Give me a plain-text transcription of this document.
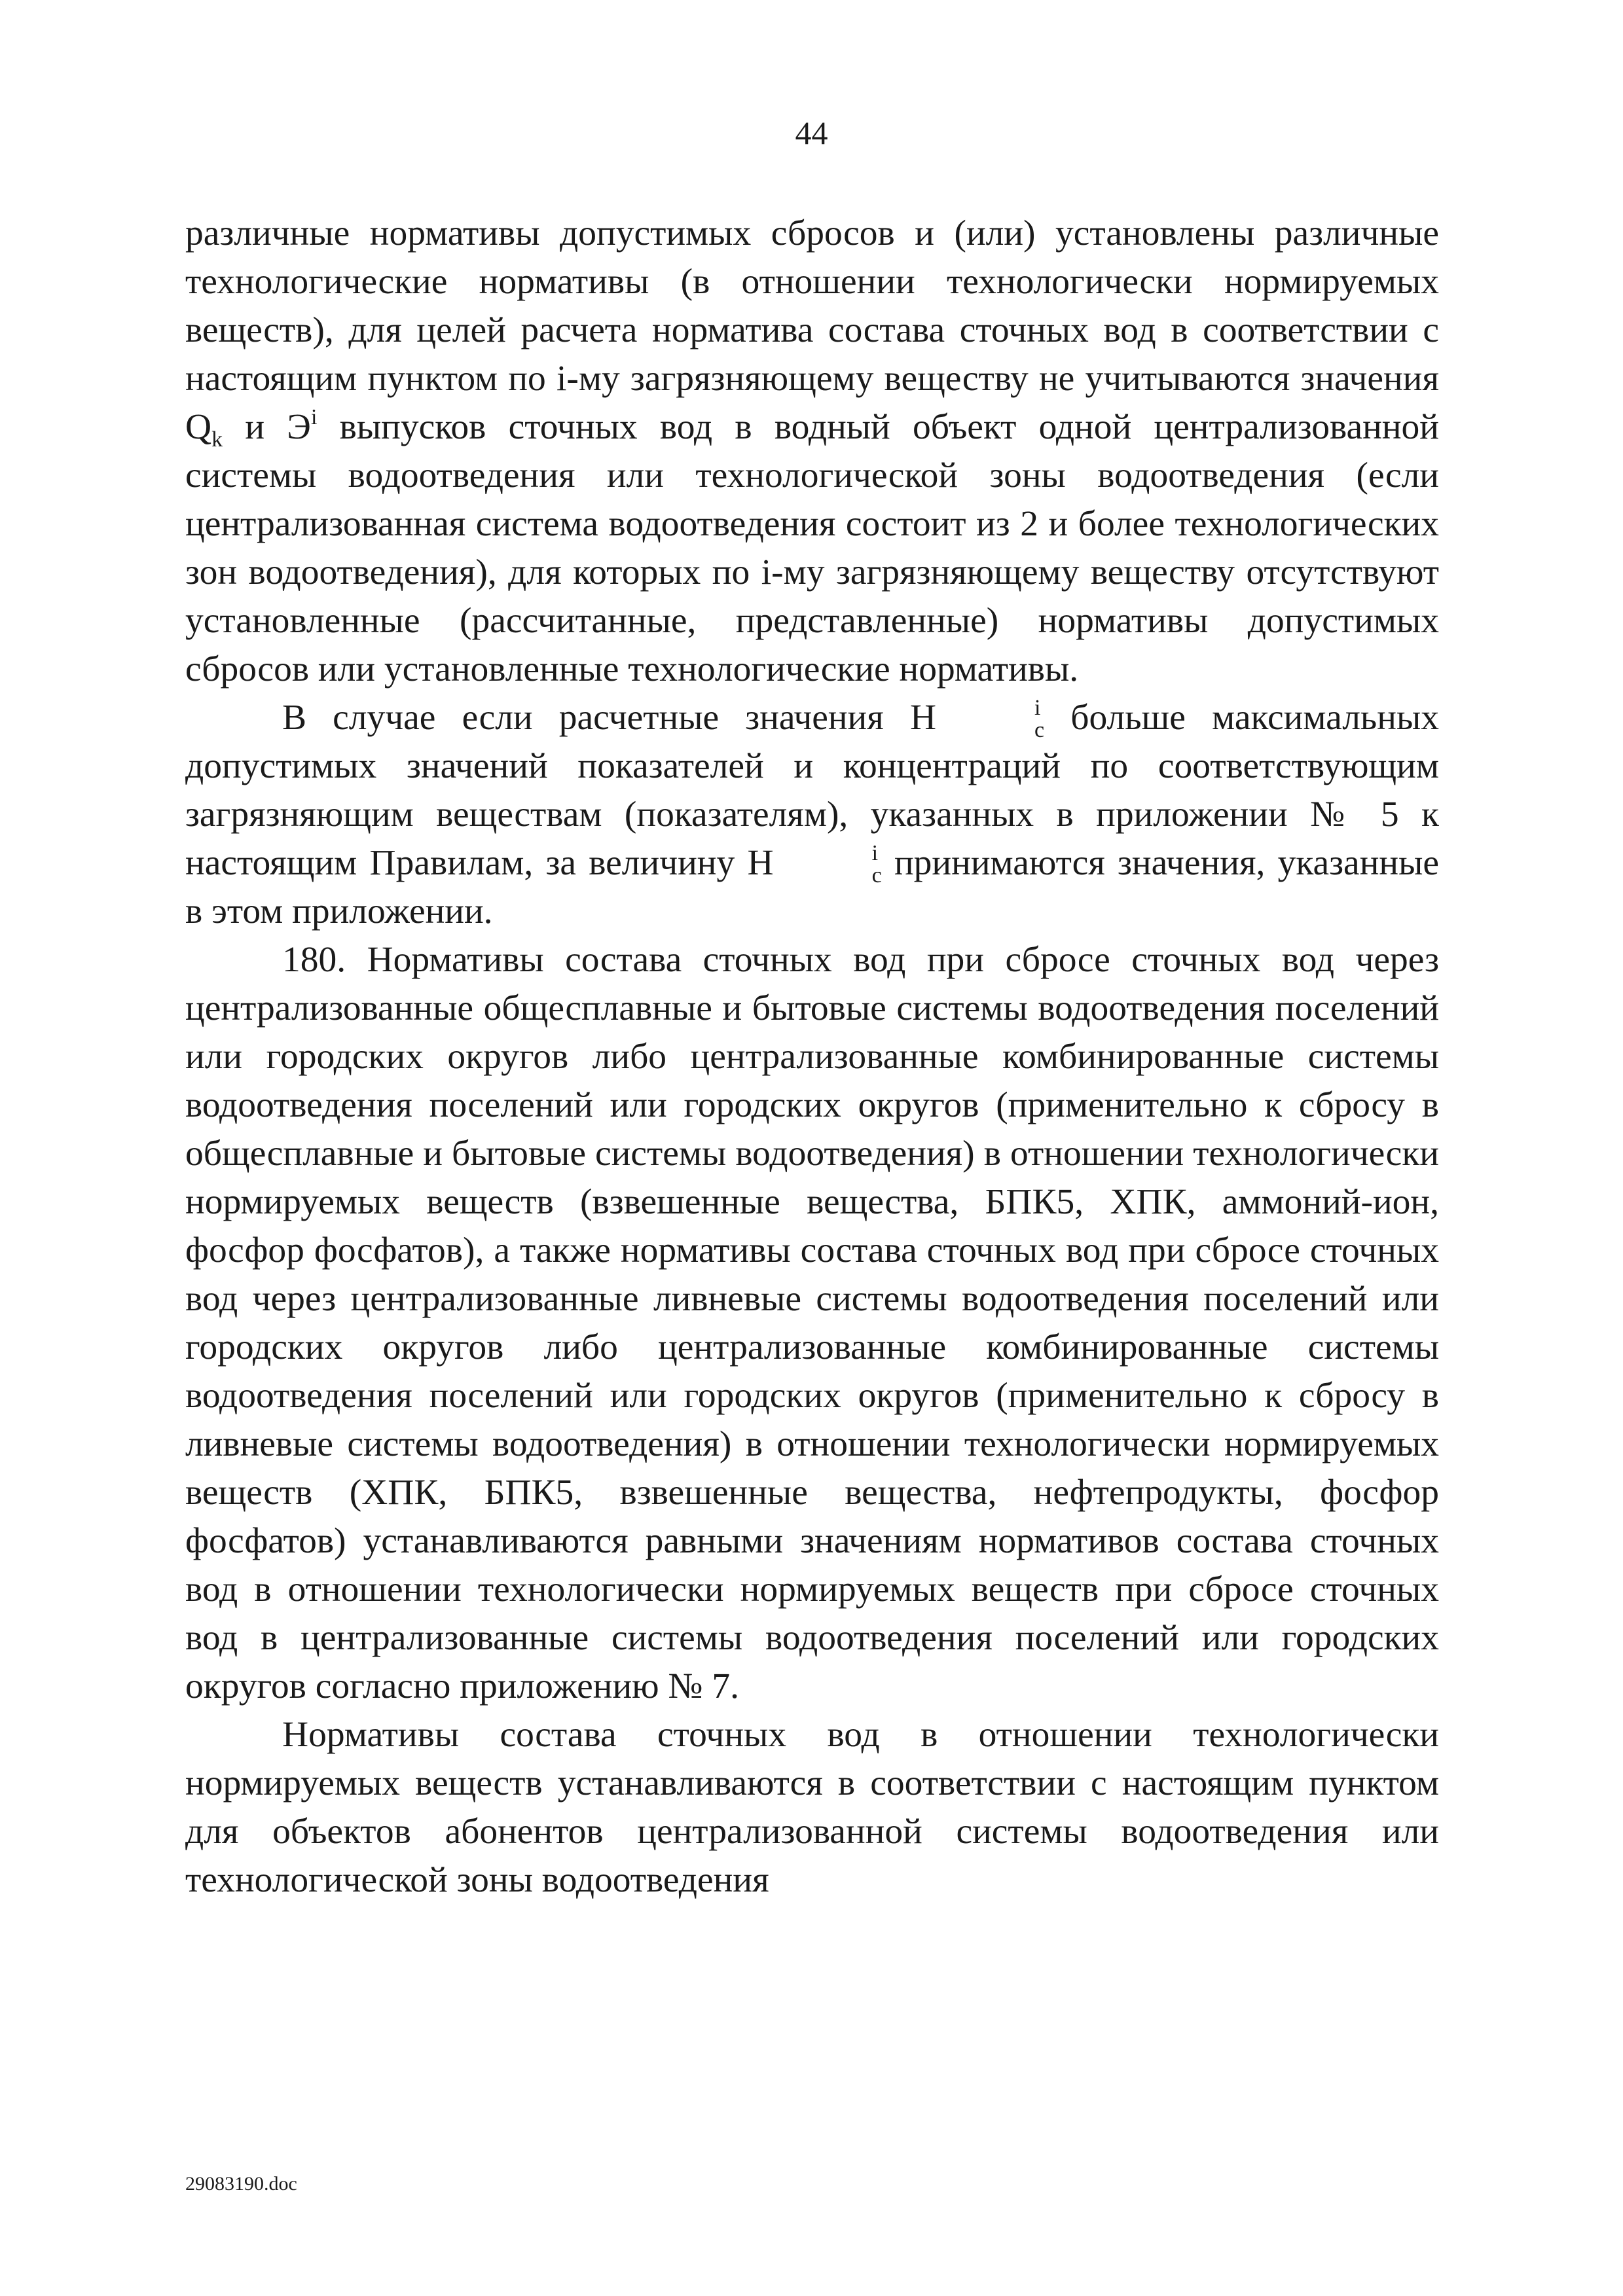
44

различные нормативы допустимых сбросов и (или) установлены различные технологические нормативы (в отношении технологически нормируемых веществ), для целей расчета норматива состава сточных вод в соответствии с настоящим пунктом по i-му загрязняющему веществу не учитываются значения $Q_k$ и $Э^i$ выпусков сточных вод в водный объект одной централизованной системы водоотведения или технологической зоны водоотведения (если централизованная система водоотведения состоит из 2 и более технологических зон водоотведения), для которых по i-му загрязняющему веществу отсутствуют установленные (рассчитанные, представленные) нормативы допустимых сбросов или установленные технологические нормативы.

В случае если расчетные значения Н	i
c больше максимальных допустимых значений показателей и концентраций по соответствующим загрязняющим веществам (показателям), указанных в приложении № 5 к настоящим Правилам, за величину Н	i
c принимаются значения, указанные в этом приложении.

180. Нормативы состава сточных вод при сбросе сточных вод через централизованные общесплавные и бытовые системы водоотведения поселений или городских округов либо централизованные комбинированные системы водоотведения поселений или городских округов (применительно к сбросу в общесплавные и бытовые системы водоотведения) в отношении технологически нормируемых веществ (взвешенные вещества, БПК5, ХПК, аммоний-ион, фосфор фосфатов), а также нормативы состава сточных вод при сбросе сточных вод через централизованные ливневые системы водоотведения поселений или городских округов либо централизованные комбинированные системы водоотведения поселений или городских округов (применительно к сбросу в ливневые системы водоотведения) в отношении технологически нормируемых веществ (ХПК, БПК5, взвешенные вещества, нефтепродукты, фосфор фосфатов) устанавливаются равными значениям нормативов состава сточных вод в отношении технологически нормируемых веществ при сбросе сточных вод в централизованные системы водоотведения поселений или городских округов согласно приложению № 7.

Нормативы состава сточных вод в отношении технологически нормируемых веществ устанавливаются в соответствии с настоящим пунктом для объектов абонентов централизованной системы водоотведения или технологической зоны водоотведения

29083190.doc
